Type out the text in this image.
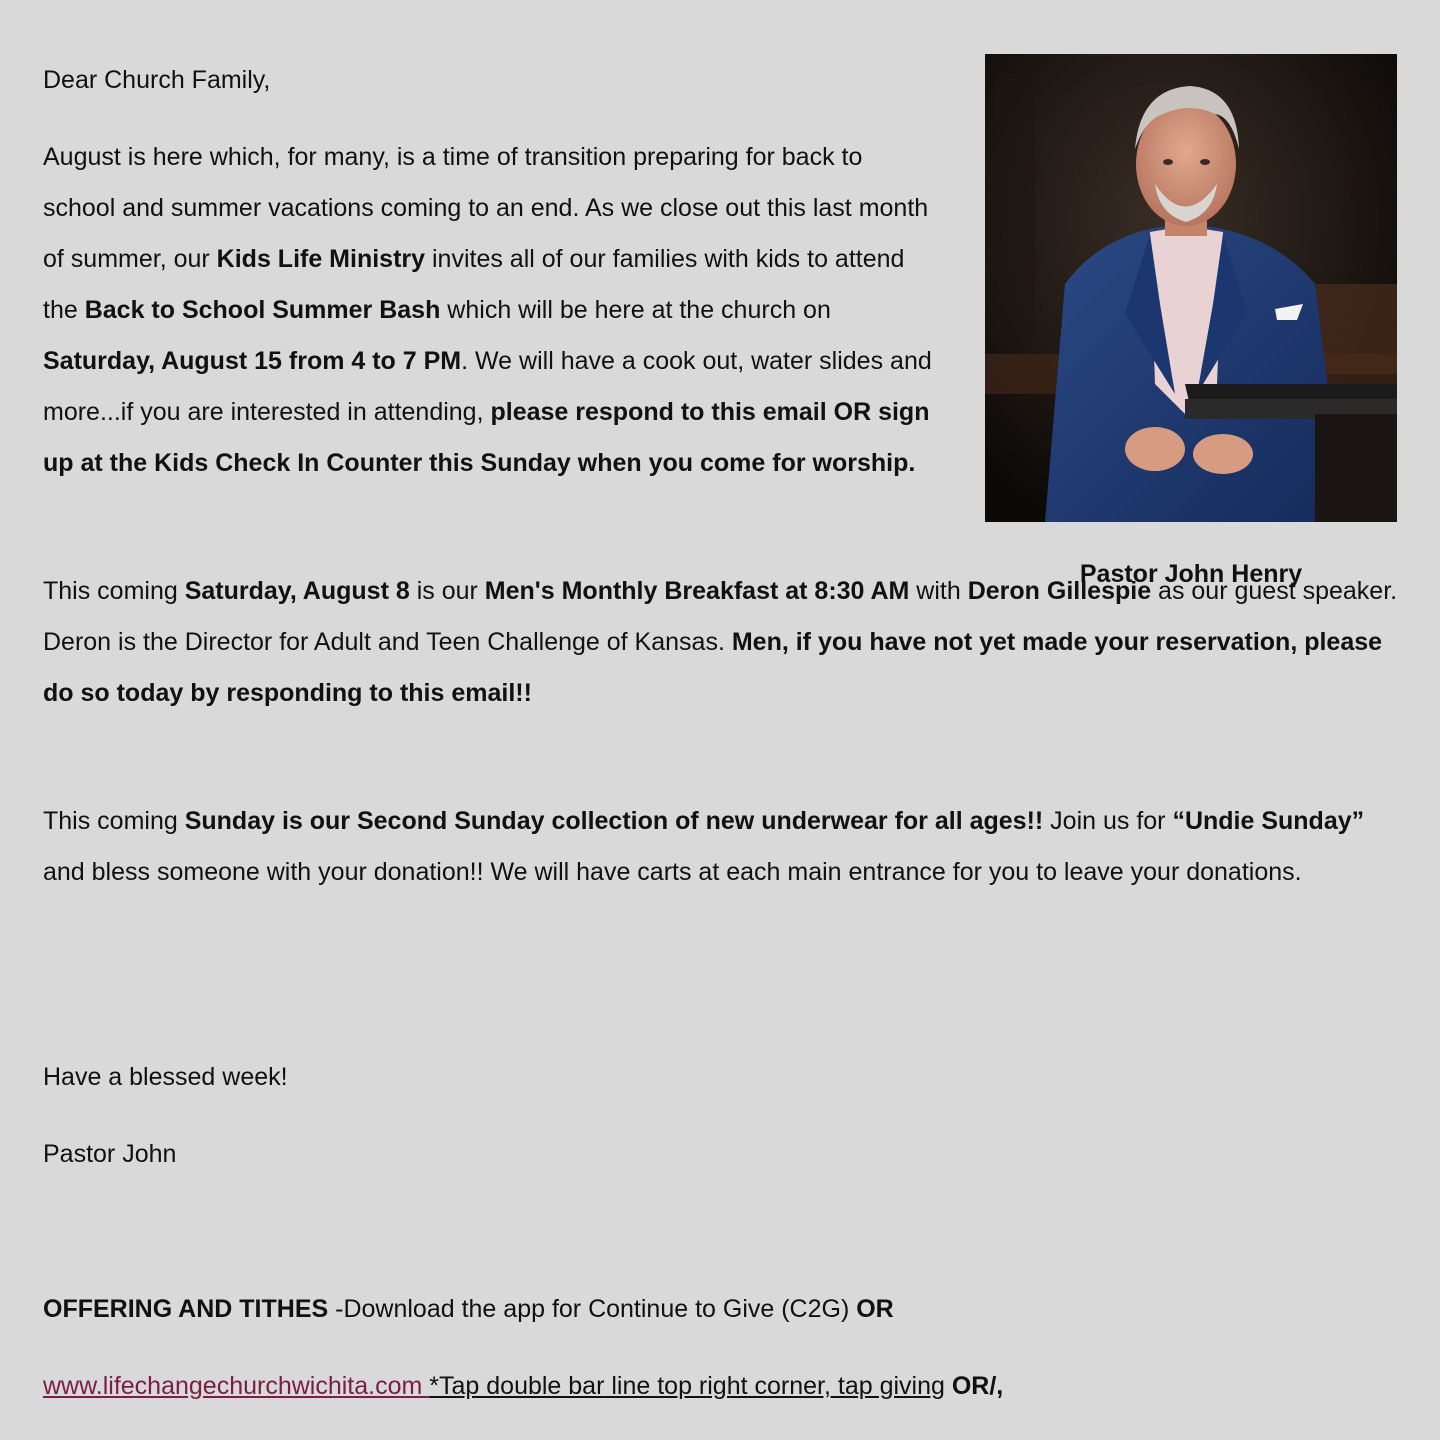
Dear Church Family,

August is here which, for many, is a time of transition preparing for back to school and summer vacations coming to an end. As we close out this last month of summer, our Kids Life Ministry invites all of our families with kids to attend the Back to School Summer Bash which will be here at the church on Saturday, August 15 from 4 to 7 PM. We will have a cook out, water slides and more...if you are interested in attending, please respond to this email OR sign up at the Kids Check In Counter this Sunday when you come for worship.

This coming Saturday, August 8 is our Men's Monthly Breakfast at 8:30 AM with Deron Gillespie as our guest speaker. Deron is the Director for Adult and Teen Challenge of Kansas. Men, if you have not yet made your reservation, please do so today by responding to this email!!

This coming Sunday is our Second Sunday collection of new underwear for all ages!! Join us for “Undie Sunday” and bless someone with your donation!! We will have carts at each main entrance for you to leave your donations.

Have a blessed week!

Pastor John

OFFERING AND TITHES -Download the app for Continue to Give (C2G) OR

www.lifechangechurchwichita.com *Tap double bar line top right corner, tap giving OR/,

Pastor John Henry
